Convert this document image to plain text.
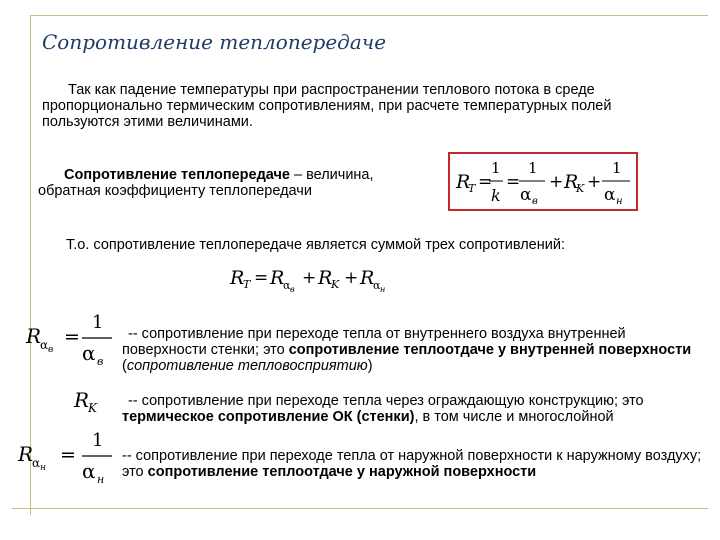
Сопротивление теплопередаче
Так как падение температуры при распространении теплового потока в среде пропорционально термическим сопротивлениям, при расчете температурных полей пользуются этими величинами.
Сопротивление теплопередаче – величина,
обратная коэффициенту теплопередачи	R
T =
1
k
=
1
α в
+ R
K +
1
α н
Т.о. сопротивление теплопередаче является суммой трех сопротивлений:
R
T = R
α в
+ R
K + R
α н
R
α в
=
1
α в
R
K
R
α н
=
1
α н
-- сопротивление при переходе тепла от внутреннего воздуха внутренней поверхности стенки; это сопротивление теплоотдаче у внутренней поверхности (сопротивление тепловосприятию)
-- сопротивление при переходе тепла через ограждающую конструкцию; это термическое сопротивление ОК (стенки), в том числе и многослойной
-- сопротивление при переходе тепла от наружной поверхности к наружному воздуху; это сопротивление теплоотдаче у наружной поверхности
